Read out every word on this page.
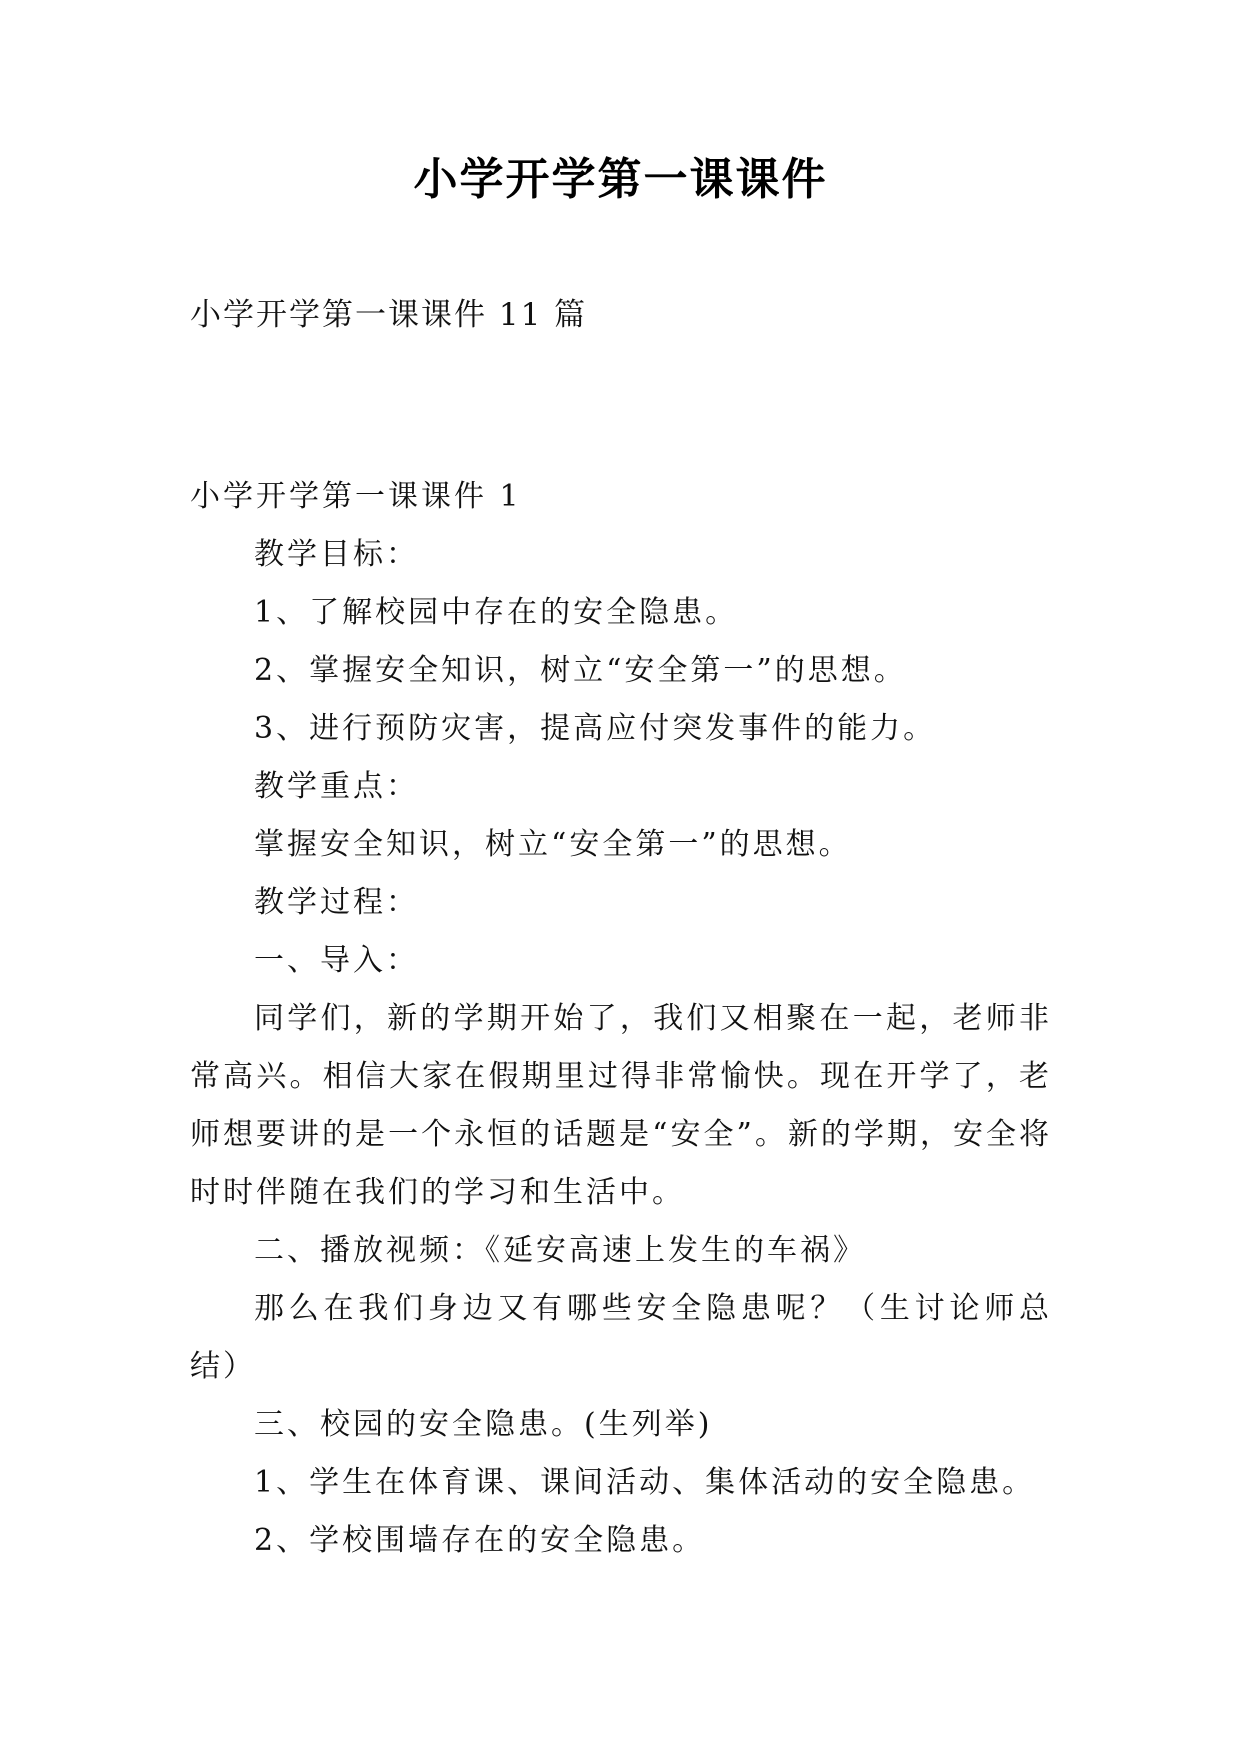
小学开学第一课课件
小学开学第一课课件 11 篇

小学开学第一课课件 1

教学目标：

1、了解校园中存在的安全隐患。

2、掌握安全知识，树立“安全第一”的思想。

3、进行预防灾害，提高应付突发事件的能力。

教学重点：

掌握安全知识，树立“安全第一”的思想。

教学过程：

一、导入：

同学们，新的学期开始了，我们又相聚在一起，老师非常高兴。相信大家在假期里过得非常愉快。现在开学了，老师想要讲的是一个永恒的话题是“安全”。新的学期，安全将时时伴随在我们的学习和生活中。

二、播放视频：《延安高速上发生的车祸》

那么在我们身边又有哪些安全隐患呢？（生讨论师总结）

三、校园的安全隐患。(生列举)

1、学生在体育课、课间活动、集体活动的安全隐患。

2、学校围墙存在的安全隐患。
